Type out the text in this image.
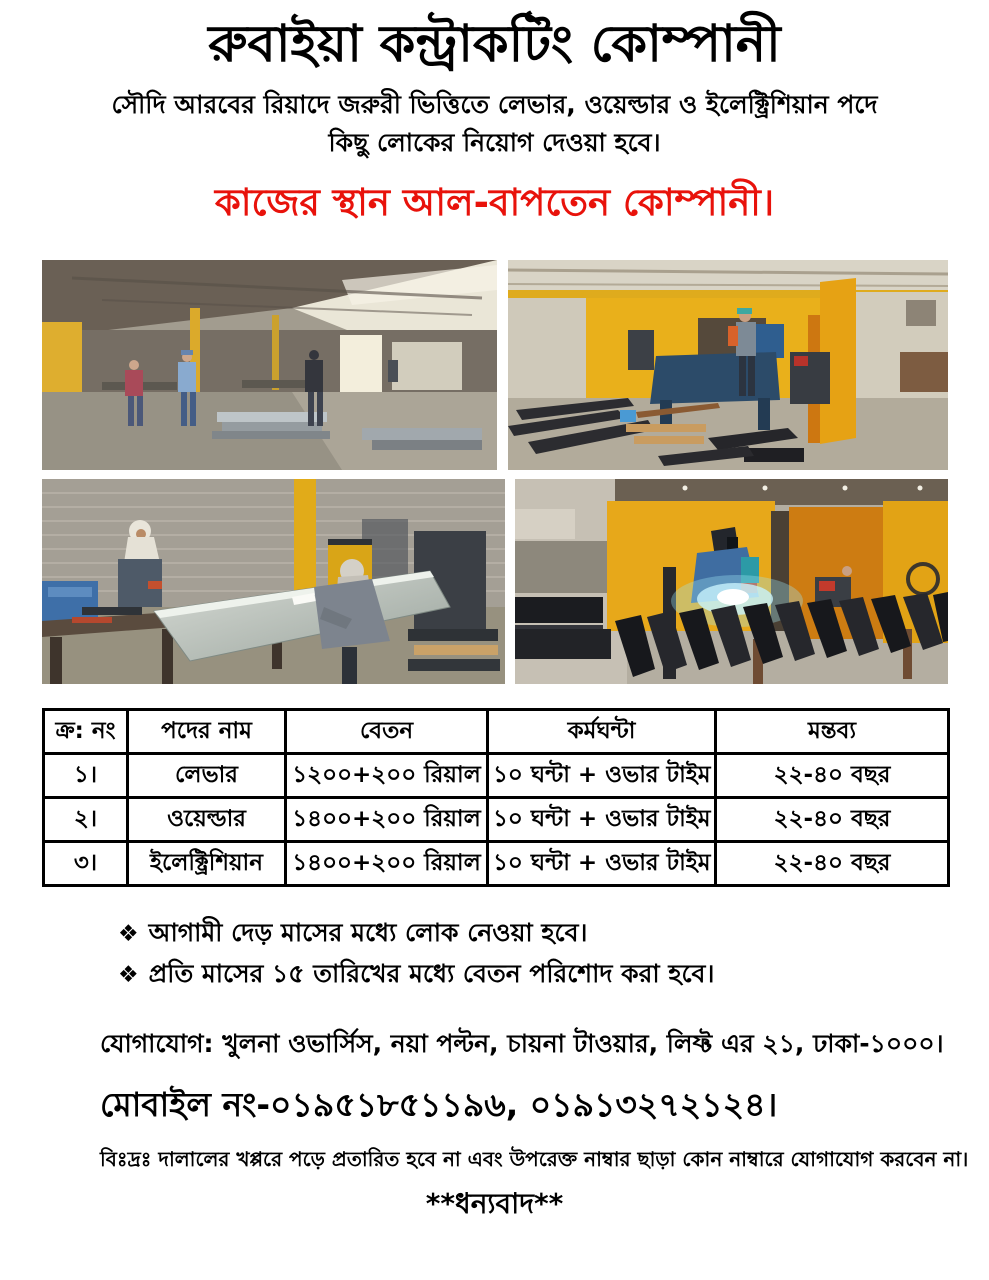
রুবাইয়া কন্ট্রাকটিং কোম্পানী
সৌদি আরবের রিয়াদে জরুরী ভিত্তিতে লেভার, ওয়েল্ডার ও ইলেক্ট্রিশিয়ান পদে
কিছু লোকের নিয়োগ দেওয়া হবে।
কাজের স্থান আল-বাপতেন কোম্পানী।
ক্র: নং	পদের নাম	বেতন	কর্মঘন্টা	মন্তব্য
১।	লেভার	১২০০+২০০ রিয়াল	১০ ঘন্টা + ওভার টাইম	২২-৪০ বছর
২।	ওয়েল্ডার	১৪০০+২০০ রিয়াল	১০ ঘন্টা + ওভার টাইম	২২-৪০ বছর
৩।	ইলেক্ট্রিশিয়ান	১৪০০+২০০ রিয়াল	১০ ঘন্টা + ওভার টাইম	২২-৪০ বছর
❖ আগামী দেড় মাসের মধ্যে লোক নেওয়া হবে।
❖ প্রতি মাসের ১৫ তারিখের মধ্যে বেতন পরিশোদ করা হবে।
যোগাযোগ: খুলনা ওভার্সিস, নয়া পল্টন, চায়না টাওয়ার, লিফ্ট এর ২১, ঢাকা-১০০০।
মোবাইল নং-০১৯৫১৮৫১১৯৬, ০১৯১৩২৭২১২৪।
বিঃদ্রঃ দালালের খপ্পরে পড়ে প্রতারিত হবে না এবং উপরেক্ত নাম্বার ছাড়া কোন নাম্বারে যোগাযোগ করবেন না।
**ধন্যবাদ**
